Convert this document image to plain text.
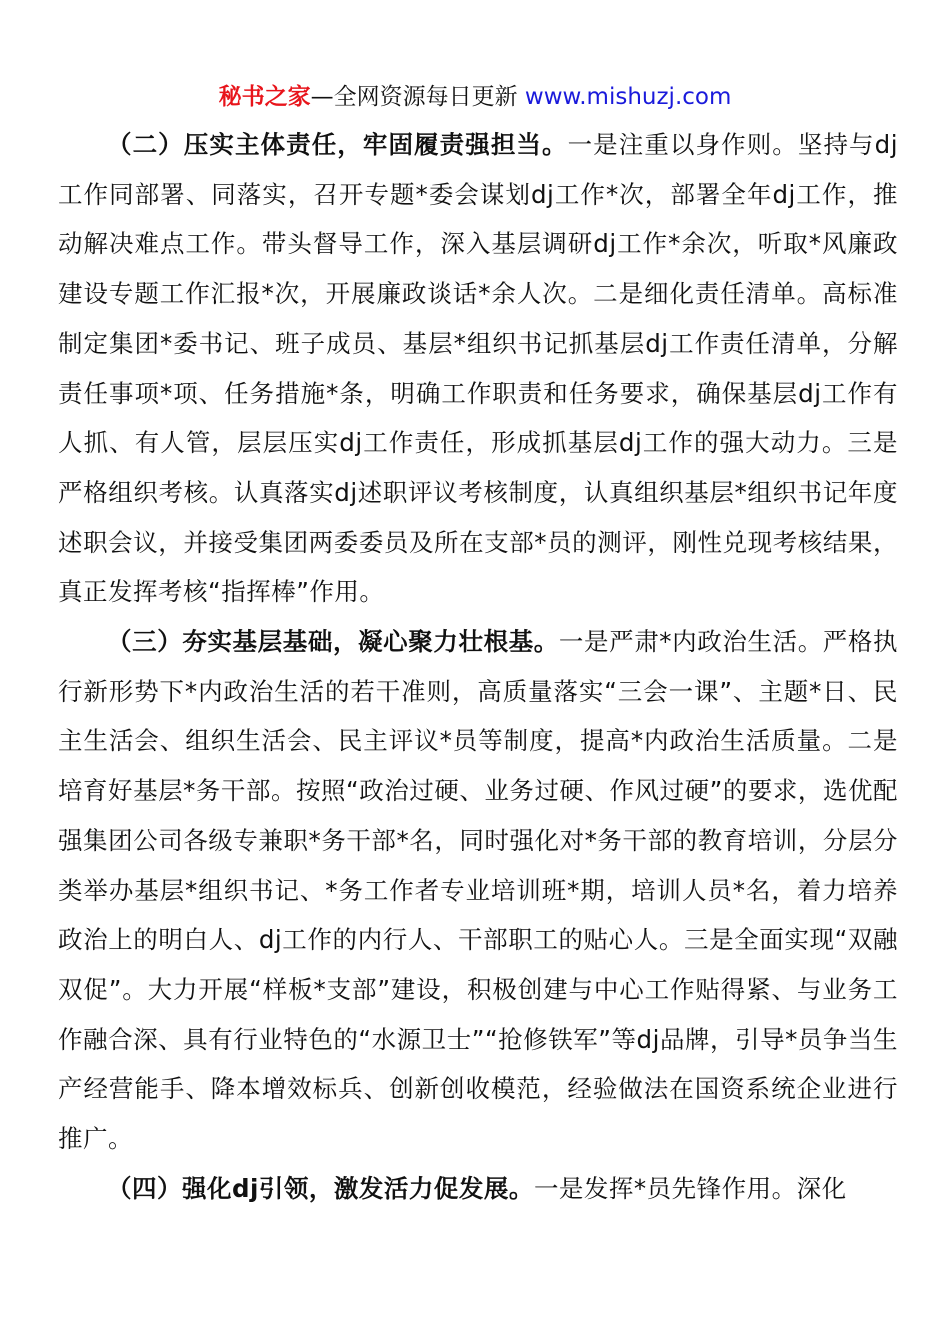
秘书之家—全网资源每日更新 www.mishuzj.com

（二）压实主体责任，牢固履责强担当。一是注重以身作则。坚持与dj工作同部署、同落实，召开专题*委会谋划dj工作*次，部署全年dj工作，推动解决难点工作。带头督导工作，深入基层调研dj工作*余次，听取*风廉政建设专题工作汇报*次，开展廉政谈话*余人次。二是细化责任清单。高标准制定集团*委书记、班子成员、基层*组织书记抓基层dj工作责任清单，分解责任事项*项、任务措施*条，明确工作职责和任务要求，确保基层dj工作有人抓、有人管，层层压实dj工作责任，形成抓基层dj工作的强大动力。三是严格组织考核。认真落实dj述职评议考核制度，认真组织基层*组织书记年度述职会议，并接受集团两委委员及所在支部*员的测评，刚性兑现考核结果，真正发挥考核“指挥棒”作用。

（三）夯实基层基础，凝心聚力壮根基。一是严肃*内政治生活。严格执行新形势下*内政治生活的若干准则，高质量落实“三会一课”、主题*日、民主生活会、组织生活会、民主评议*员等制度，提高*内政治生活质量。二是培育好基层*务干部。按照“政治过硬、业务过硬、作风过硬”的要求，选优配强集团公司各级专兼职*务干部*名，同时强化对*务干部的教育培训，分层分类举办基层*组织书记、*务工作者专业培训班*期，培训人员*名，着力培养政治上的明白人、dj工作的内行人、干部职工的贴心人。三是全面实现“双融双促”。大力开展“样板*支部”建设，积极创建与中心工作贴得紧、与业务工作融合深、具有行业特色的“水源卫士”“抢修铁军”等dj品牌，引导*员争当生产经营能手、降本增效标兵、创新创收模范，经验做法在国资系统企业进行推广。

（四）强化dj引领，激发活力促发展。一是发挥*员先锋作用。深化
